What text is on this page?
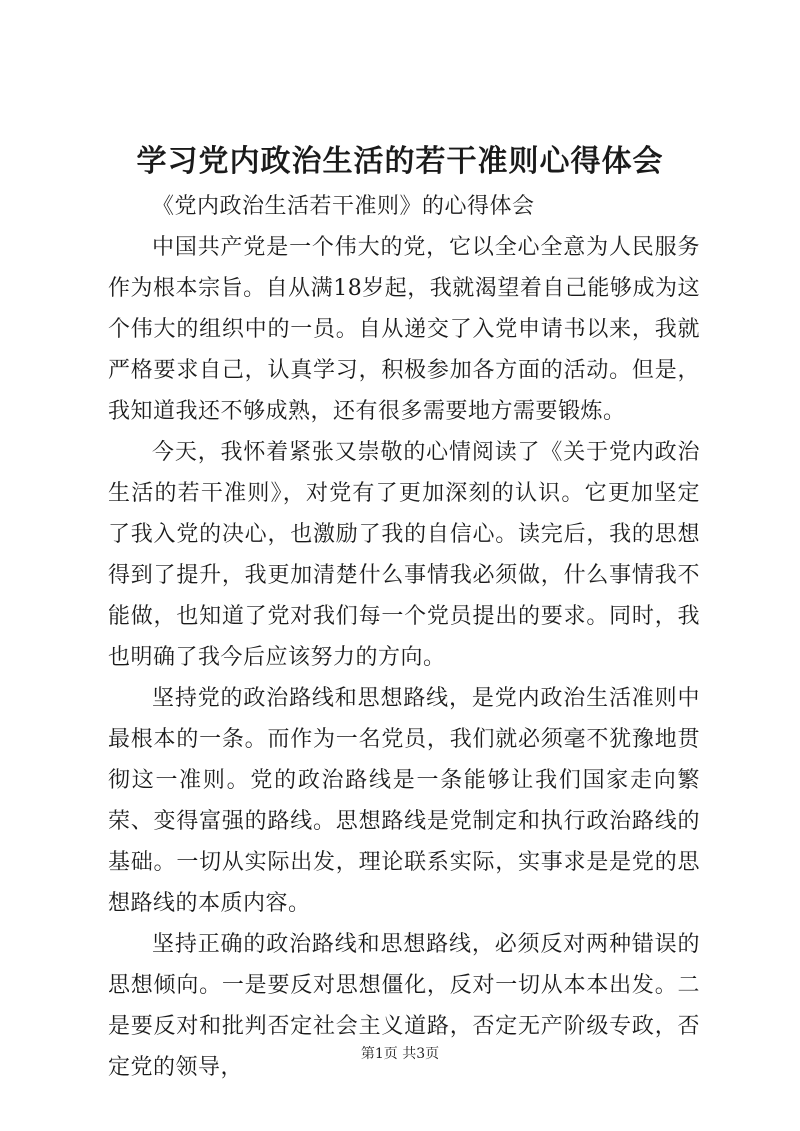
学习党内政治生活的若干准则心得体会

《党内政治生活若干准则》的心得体会

中国共产党是一个伟大的党，它以全心全意为人民服务作为根本宗旨。自从满18岁起，我就渴望着自己能够成为这个伟大的组织中的一员。自从递交了入党申请书以来，我就严格要求自己，认真学习，积极参加各方面的活动。但是，我知道我还不够成熟，还有很多需要地方需要锻炼。

今天，我怀着紧张又崇敬的心情阅读了《关于党内政治生活的若干准则》，对党有了更加深刻的认识。它更加坚定了我入党的决心，也激励了我的自信心。读完后，我的思想得到了提升，我更加清楚什么事情我必须做，什么事情我不能做，也知道了党对我们每一个党员提出的要求。同时，我也明确了我今后应该努力的方向。

坚持党的政治路线和思想路线，是党内政治生活准则中最根本的一条。而作为一名党员，我们就必须毫不犹豫地贯彻这一准则。党的政治路线是一条能够让我们国家走向繁荣、变得富强的路线。思想路线是党制定和执行政治路线的基础。一切从实际出发，理论联系实际，实事求是是党的思想路线的本质内容。

坚持正确的政治路线和思想路线，必须反对两种错误的思想倾向。一是要反对思想僵化，反对一切从本本出发。二是要反对和批判否定社会主义道路，否定无产阶级专政，否定党的领导，

第1页 共3页
